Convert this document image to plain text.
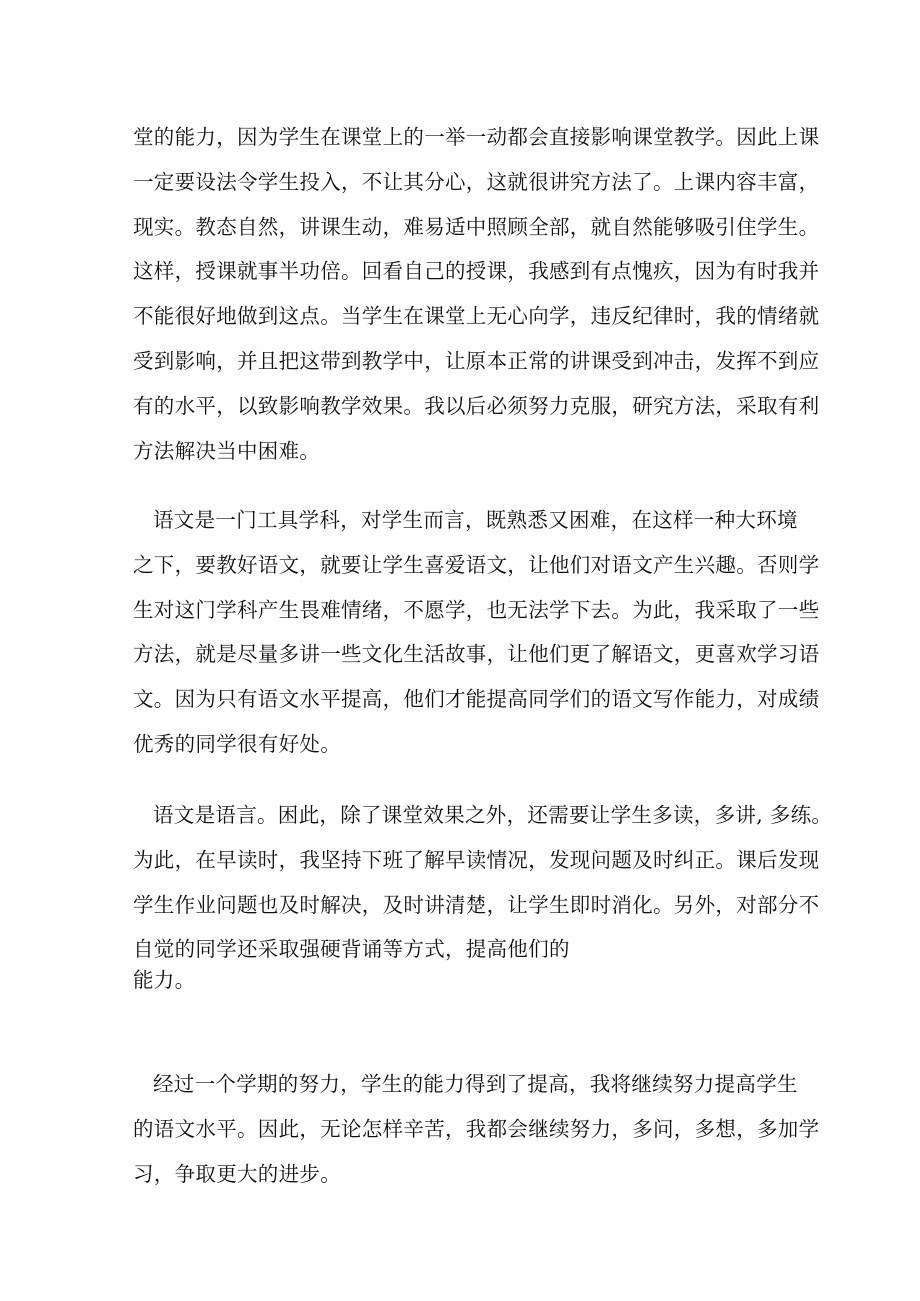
堂的能力，因为学生在课堂上的一举一动都会直接影响课堂教学。因此上课
一定要设法令学生投入，不让其分心，这就很讲究方法了。上课内容丰富，
现实。教态自然，讲课生动，难易适中照顾全部，就自然能够吸引住学生。
这样，授课就事半功倍。回看自己的授课，我感到有点愧疚，因为有时我并
不能很好地做到这点。当学生在课堂上无心向学，违反纪律时，我的情绪就
受到影响，并且把这带到教学中，让原本正常的讲课受到冲击，发挥不到应
有的水平，以致影响教学效果。我以后必须努力克服，研究方法，采取有利
方法解决当中困难。
语文是一门工具学科，对学生而言，既熟悉又困难，在这样一种大环境
之下，要教好语文，就要让学生喜爱语文，让他们对语文产生兴趣。否则学
生对这门学科产生畏难情绪，不愿学，也无法学下去。为此，我采取了一些
方法，就是尽量多讲一些文化生活故事，让他们更了解语文，更喜欢学习语
文。因为只有语文水平提高，他们才能提高同学们的语文写作能力，对成绩
优秀的同学很有好处。
语文是语言。困此，除了课堂效果之外，还需要让学生多读，多讲, 多练。
为此，在早读时，我坚持下班了解早读情况，发现问题及时纠正。课后发现
学生作业问题也及时解决，及时讲清楚，让学生即时消化。另外，对部分不
自觉的同学还采取强硬背诵等方式，提高他们的
能力。
经过一个学期的努力，学生的能力得到了提高，我将继续努力提高学生
的语文水平。因此，无论怎样辛苦，我都会继续努力，多问，多想，多加学
习，争取更大的进步。
